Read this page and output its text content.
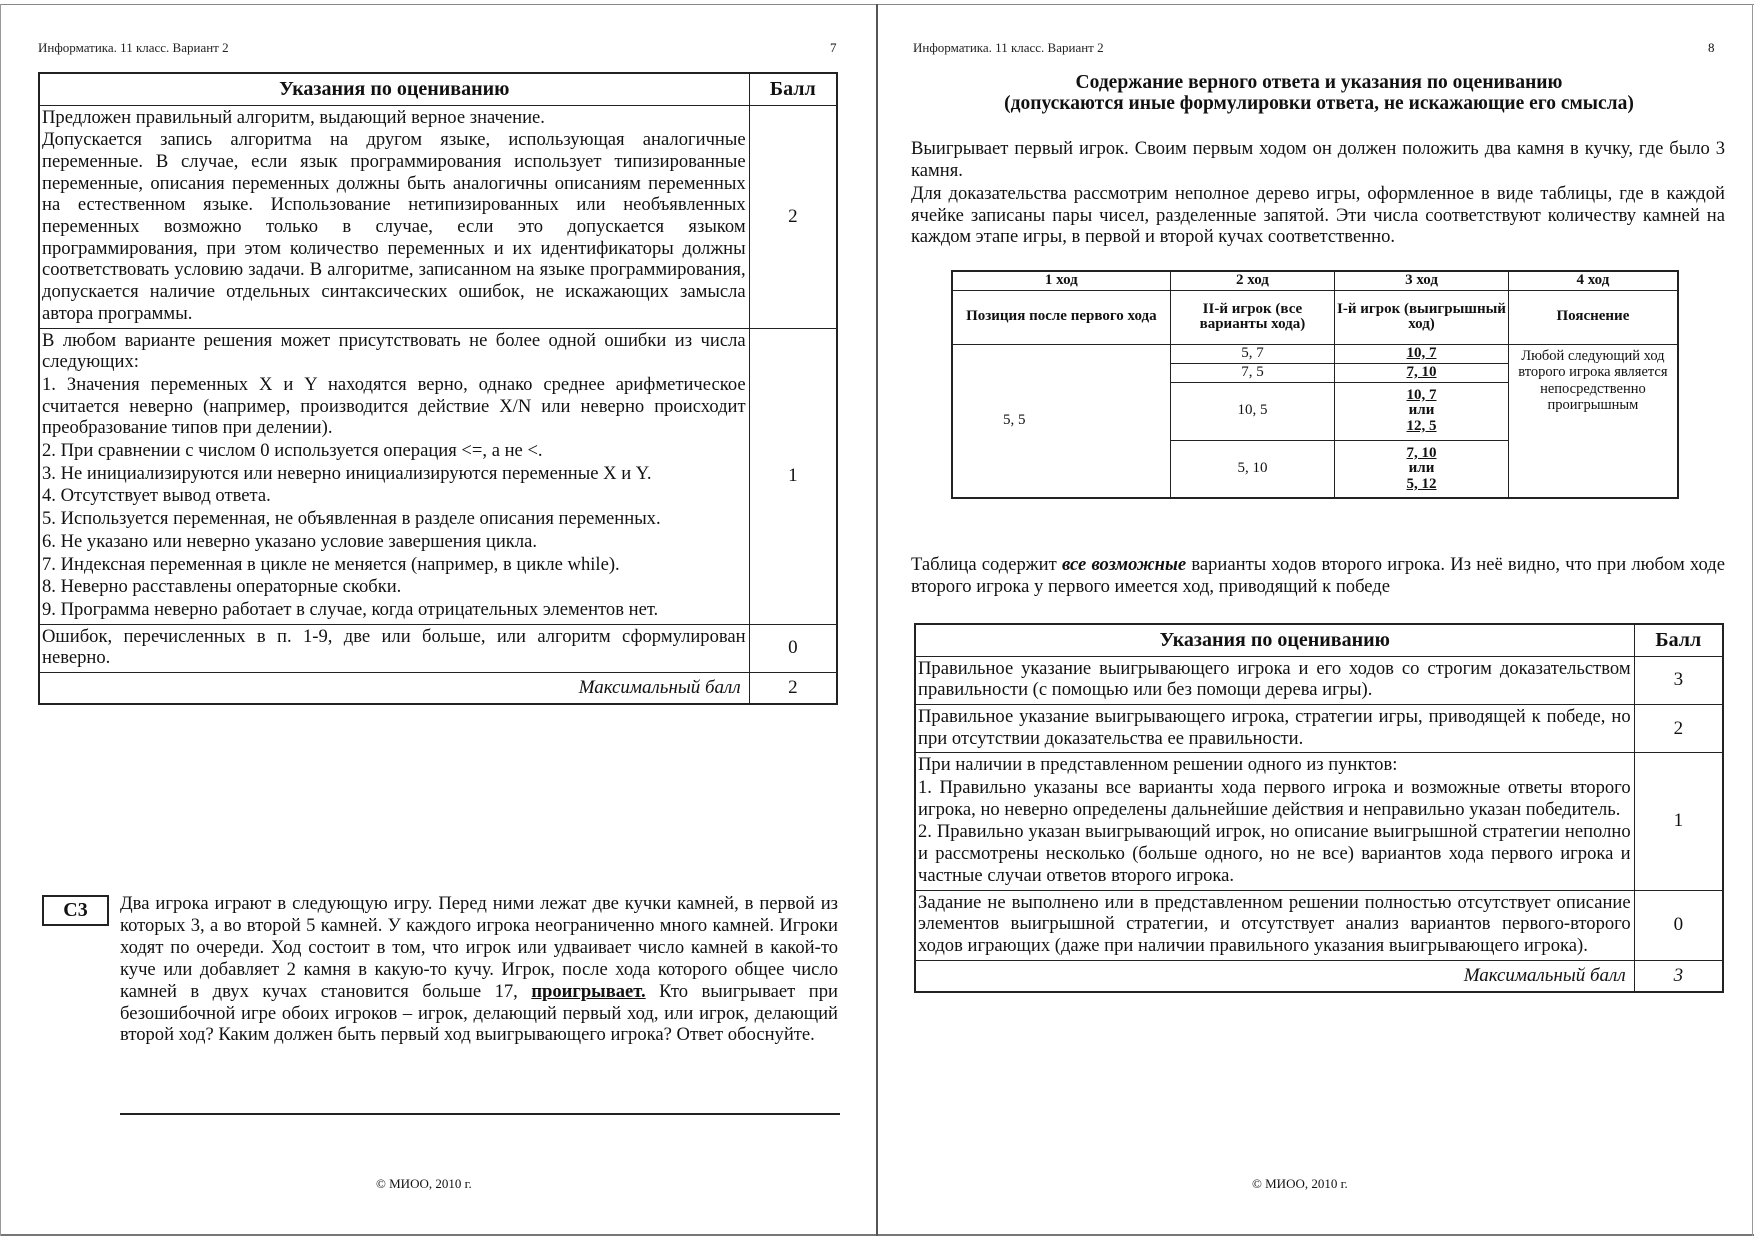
Информатика. 11 класс. Вариант 2	7
Указания по оцениванию	Балл

Предложен правильный алгоритм, выдающий верное значение.

Допускается запись алгоритма на другом языке, использующая аналогичные переменные. В случае, если язык программирования использует типизированные переменные, описания переменных должны быть аналогичны описаниям переменных на естественном языке. Использование нетипизированных или необъявленных переменных возможно только в случае, если это допускается языком программирования, при этом количество переменных и их идентификаторы должны соответствовать условию задачи. В алгоритме, записанном на языке программирования, допускается наличие отдельных синтаксических ошибок, не искажающих замысла автора программы.	2

В любом варианте решения может присутствовать не более одной ошибки из числа следующих:

1. Значения переменных X и Y находятся верно, однако среднее арифметическое считается неверно (например, производится действие X/N или неверно происходит преобразование типов при делении).

2. При сравнении с числом 0 используется операция <=, а не <.

3. Не инициализируются или неверно инициализируются переменные X и Y.

4. Отсутствует вывод ответа.

5. Используется переменная, не объявленная в разделе описания переменных.

6. Не указано или неверно указано условие завершения цикла.

7. Индексная переменная в цикле не меняется (например, в цикле while).

8. Неверно расставлены операторные скобки.

9. Программа неверно работает в случае, когда отрицательных элементов нет.

	1

Ошибок, перечисленных в п. 1-9, две или больше, или алгоритм сформулирован неверно.	0
Максимальный балл	2
С3	Два игрока играют в следующую игру. Перед ними лежат две кучки камней, в первой из которых 3, а во второй 5 камней. У каждого игрока неограниченно много камней. Игроки ходят по очереди. Ход состоит в том, что игрок или удваивает число камней в какой-то куче или добавляет 2 камня в какую-то кучу. Игрок, после хода которого общее число камней в двух кучах становится больше 17, проигрывает. Кто выигрывает при безошибочной игре обоих игроков – игрок, делающий первый ход, или игрок, делающий второй ход? Каким должен быть первый ход выигрывающего игрока? Ответ обоснуйте.
© МИОО, 2010 г.
Информатика. 11 класс. Вариант 2	8
Содержание верного ответа и указания по оцениванию
(допускаются иные формулировки ответа, не искажающие его смысла)
Выигрывает первый игрок. Своим первым ходом он должен положить два камня в кучку, где было 3 камня.
Для доказательства рассмотрим неполное дерево игры, оформленное в виде таблицы, где в каждой ячейке записаны пары чисел, разделенные запятой. Эти числа соответствуют количеству камней на каждом этапе игры, в первой и второй кучах соответственно.
1 ход	2 ход	3 ход	4 ход
Позиция после первого хода	II-й игрок (все варианты хода)	I-й игрок (выигрышный ход)	Пояснение
5, 5	5, 7	10, 7	Любой следующий ход второго игрока является непосредственно проигрышным
	7, 5	7, 10	

	10, 5	10, 7
или
12, 5	

	5, 10	7, 10
или
5, 12	
Таблица содержит все возможные варианты ходов второго игрока. Из неё видно, что при любом ходе второго игрока у первого имеется ход, приводящий к победе
Указания по оцениванию	Балл

Правильное указание выигрывающего игрока и его ходов со строгим доказательством правильности (с помощью или без помощи дерева игры).	3

Правильное указание выигрывающего игрока, стратегии игры, приводящей к победе, но при отсутствии доказательства ее правильности.	2

При наличии в представленном решении одного из пунктов:

1. Правильно указаны все варианты хода первого игрока и возможные ответы второго игрока, но неверно определены дальнейшие действия и неправильно указан победитель.

2. Правильно указан выигрывающий игрок, но описание выигрышной стратегии неполно и рассмотрены несколько (больше одного, но не все) вариантов хода первого игрока и частные случаи ответов второго игрока.	1

Задание не выполнено или в представленном решении полностью отсутствует описание элементов выигрышной стратегии, и отсутствует анализ вариантов первого-второго ходов играющих (даже при наличии правильного указания выигрывающего игрока).	0
Максимальный балл	3
© МИОО, 2010 г.
